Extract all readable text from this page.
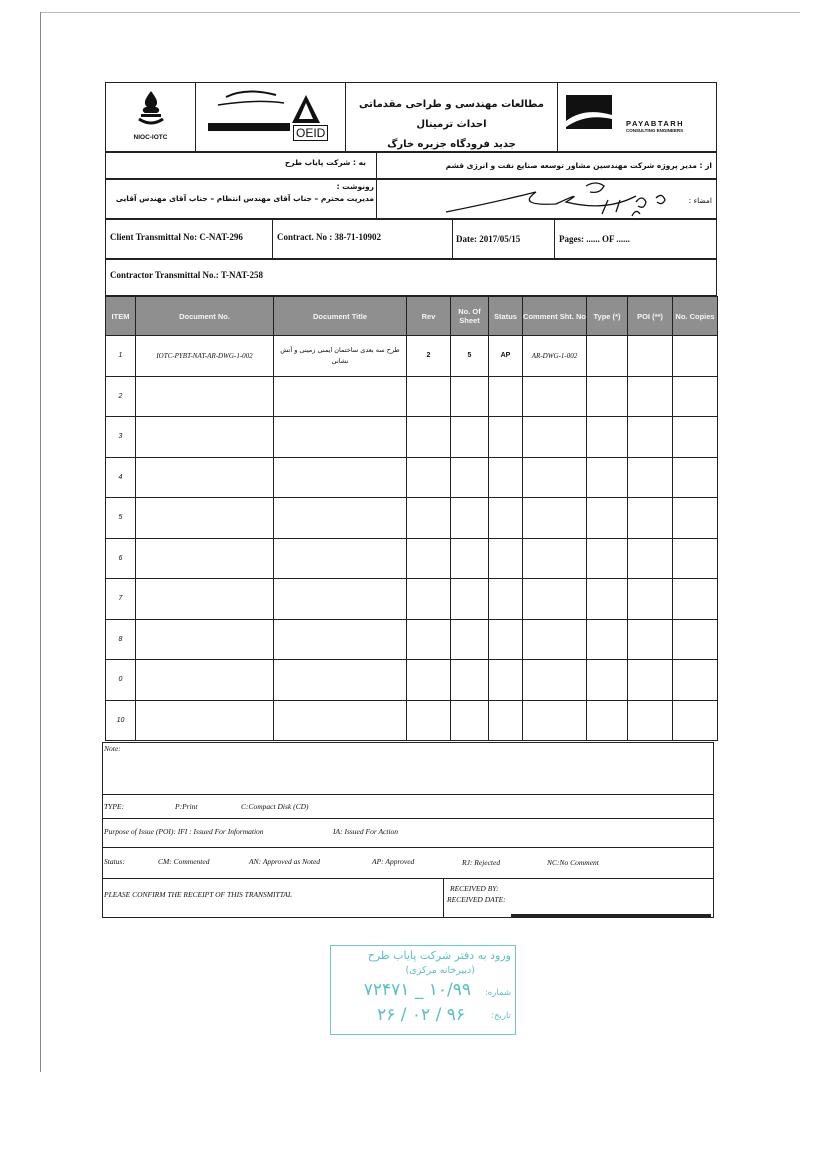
NIOC-IOTC	OEID
مطالعات مهندسی و طراحی مقدماتی احداث ترمینال
جدید فرودگاه جزیره خارگ
PAYABTARH
CONSULTING ENGINEERS
از : مدیر پروژه شرکت مهندسین مشاور توسعه صنایع نفت و انرژی قشم
به : شرکت پایاب طرح
رونوشت :
مدیریت محترم – جناب آقای مهندس انتظام – جناب آقای مهندس آقایی	امضاء :
Client Transmittal No: C-NAT-296	Contract. No : 38-71-10902	Date: 2017/05/15	Pages: ...... OF ......
Contractor Transmittal No.: T-NAT-258
ITEM	Document No.	Document Title	Rev	No. Of Sheet	Status	Comment Sht. No	Type (*)	POI (**)	No. Copies
1	IOTC-PYBT-NAT-AR-DWG-1-002	طرح سه بعدی ساختمان ایمنی زمینی و آتش نشانی	2	5	AP	AR-DWG-1-002			
2									
3									
4									
5									
6									
7									
8									
0									
10									
Note:
TYPE:	P:Print	C:Compact Disk (CD)
Purpose of Issue (POI): IFI : Issued For Information	IA: Issued For Action
Status:	CM: Commented	AN: Approved as Noted	AP: Approved	RJ: Rejected	NC:No Comment
PLEASE CONFIRM THE RECEIPT OF THIS TRANSMITTAL
RECEIVED BY:
RECEIVED DATE:
ورود به دفتر شرکت پایاب طرح
(دبیرخانه مرکزی)
شماره:
۱۰/۹۹ _ ۷۲۴۷۱
تاریخ:
۹۶ / ۰۲ / ۲۶
